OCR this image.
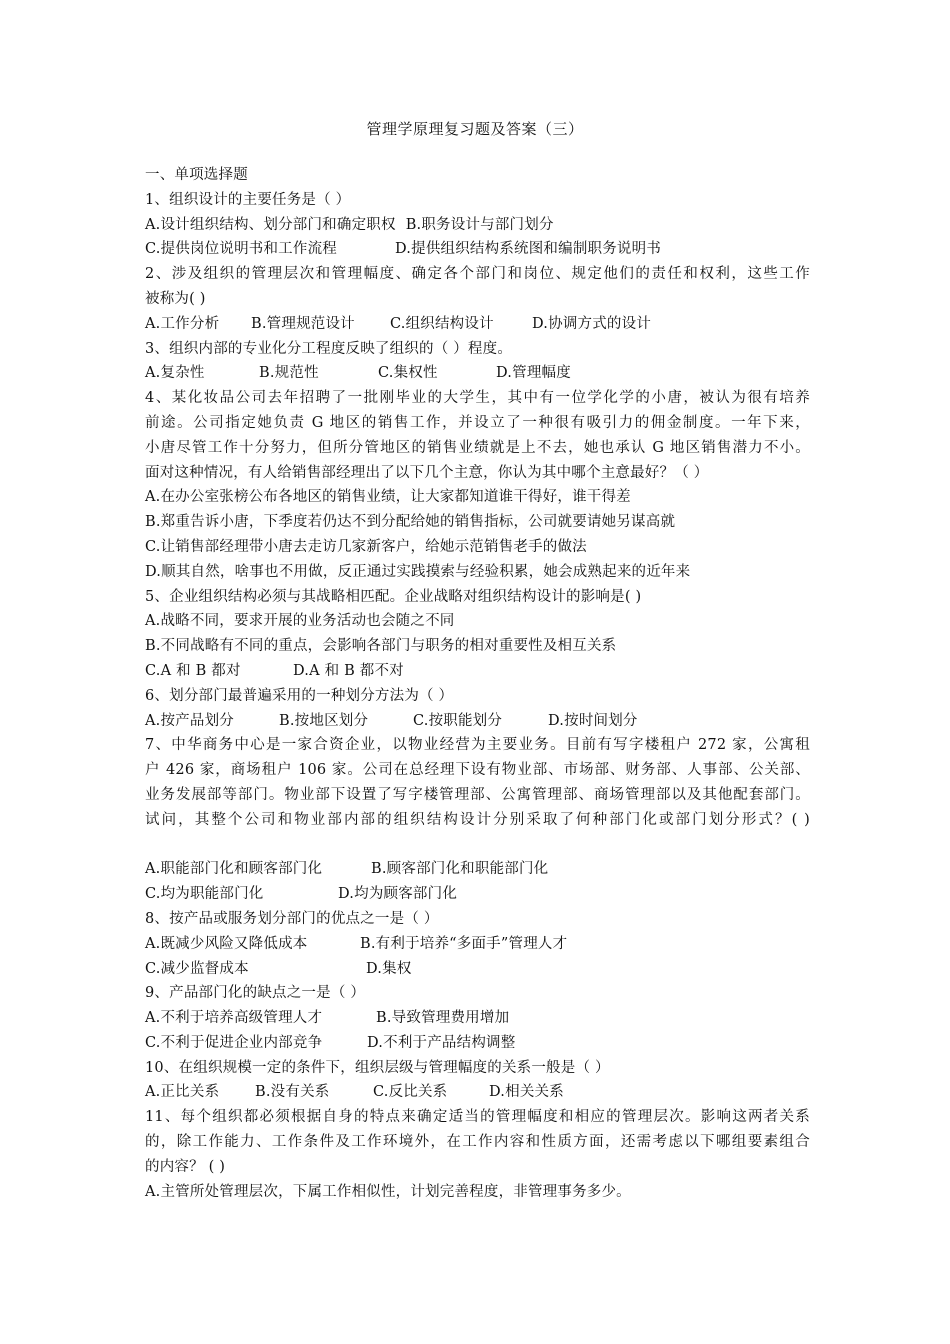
管理学原理复习题及答案（三）
一、单项选择题
1、组织设计的主要任务是（ ）
A.设计组织结构、划分部门和确定职权 B.职务设计与部门划分
C.提供岗位说明书和工作流程	D.提供组织结构系统图和编制职务说明书
2、涉及组织的管理层次和管理幅度、确定各个部门和岗位、规定他们的责任和权利，这些工作
被称为( )
A.工作分析 B.管理规范设计 C.组织结构设计	D.协调方式的设计
3、组织内部的专业化分工程度反映了组织的（ ）程度。
A.复杂性	B.规范性	C.集权性	D.管理幅度
4、某化妆品公司去年招聘了一批刚毕业的大学生，其中有一位学化学的小唐，被认为很有培养
前途。公司指定她负责 G 地区的销售工作，并设立了一种很有吸引力的佣金制度。一年下来，
小唐尽管工作十分努力，但所分管地区的销售业绩就是上不去，她也承认 G 地区销售潜力不小。
面对这种情况，有人给销售部经理出了以下几个主意，你认为其中哪个主意最好？（ ）
A.在办公室张榜公布各地区的销售业绩，让大家都知道谁干得好，谁干得差
B.郑重告诉小唐，下季度若仍达不到分配给她的销售指标，公司就要请她另谋高就
C.让销售部经理带小唐去走访几家新客户，给她示范销售老手的做法
D.顺其自然，啥事也不用做，反正通过实践摸索与经验积累，她会成熟起来的近年来
5、企业组织结构必须与其战略相匹配。企业战略对组织结构设计的影响是( )
A.战略不同，要求开展的业务活动也会随之不同
B.不同战略有不同的重点，会影响各部门与职务的相对重要性及相互关系
C.A 和 B 都对	D.A 和 B 都不对
6、划分部门最普遍采用的一种划分方法为（ ）
A.按产品划分	B.按地区划分	C.按职能划分	D.按时间划分
7、中华商务中心是一家合资企业，以物业经营为主要业务。目前有写字楼租户 272 家，公寓租
户 426 家，商场租户 106 家。公司在总经理下设有物业部、市场部、财务部、人事部、公关部、
业务发展部等部门。物业部下设置了写字楼管理部、公寓管理部、商场管理部以及其他配套部门。
试问，其整个公司和物业部内部的组织结构设计分别采取了何种部门化或部门划分形式？( )
A.职能部门化和顾客部门化	B.顾客部门化和职能部门化
C.均为职能部门化	D.均为顾客部门化
8、按产品或服务划分部门的优点之一是（ ）
A.既减少风险又降低成本	B.有利于培养“多面手”管理人才
C.减少监督成本	D.集权
9、产品部门化的缺点之一是（ ）
A.不利于培养高级管理人才	B.导致管理费用增加
C.不利于促进企业内部竞争	D.不利于产品结构调整
10、在组织规模一定的条件下，组织层级与管理幅度的关系一般是（ ）
A.正比关系 B.没有关系	C.反比关系	D.相关关系
11、每个组织都必须根据自身的特点来确定适当的管理幅度和相应的管理层次。影响这两者关系
的，除工作能力、工作条件及工作环境外，在工作内容和性质方面，还需考虑以下哪组要素组合
的内容？ ( )
A.主管所处管理层次，下属工作相似性，计划完善程度，非管理事务多少。
